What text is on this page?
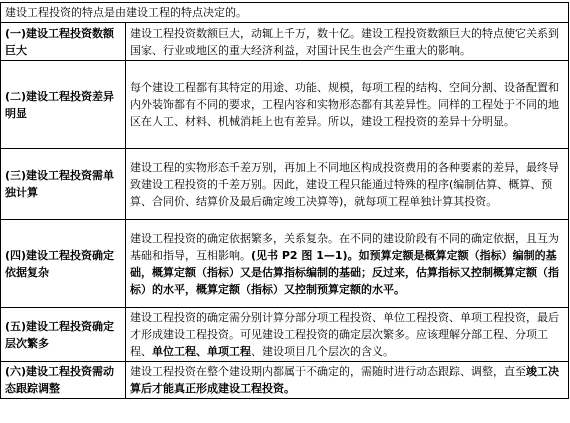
建设工程投资的特点是由建设工程的特点决定的。	
(一)建设工程投资数额巨大	建设工程投资数额巨大，动辄上千万，数十亿。建设工程投资数额巨大的特点使它关系到国家、行业或地区的重大经济利益，对国计民生也会产生重大的影响。
(二)建设工程投资差异明显	每个建设工程都有其特定的用途、功能、规模，每项工程的结构、空间分割、设备配置和内外装饰都有不同的要求，工程内容和实物形态都有其差异性。同样的工程处于不同的地区在人工、材料、机械消耗上也有差异。所以，建设工程投资的差异十分明显。
(三)建设工程投资需单独计算	建设工程的实物形态千差万别，再加上不同地区构成投资费用的各种要素的差异，最终导致建设工程投资的千差万别。因此，建设工程只能通过特殊的程序(编制估算、概算、预算、合同价、结算价及最后确定竣工决算等)，就每项工程单独计算其投资。
(四)建设工程投资确定依据复杂	建设工程投资的确定依据繁多，关系复杂。在不同的建设阶段有不同的确定依据，且互为基础和指导，互相影响。(见书 P2 图 1—1)。如预算定额是概算定额（指标）编制的基础，概算定额（指标）又是估算指标编制的基础；反过来，估算指标又控制概算定额（指标）的水平，概算定额（指标）又控制预算定额的水平。
(五)建设工程投资确定层次繁多	建设工程投资的确定需分别计算分部分项工程投资、单位工程投资、单项工程投资，最后才形成建设工程投资。可见建设工程投资的确定层次繁多。应该理解分部工程、分项工程、单位工程、单项工程、建设项目几个层次的含义。
(六)建设工程投资需动态跟踪调整	建设工程投资在整个建设期内都属于不确定的，需随时进行动态跟踪、调整，直至竣工决算后才能真正形成建设工程投资。
